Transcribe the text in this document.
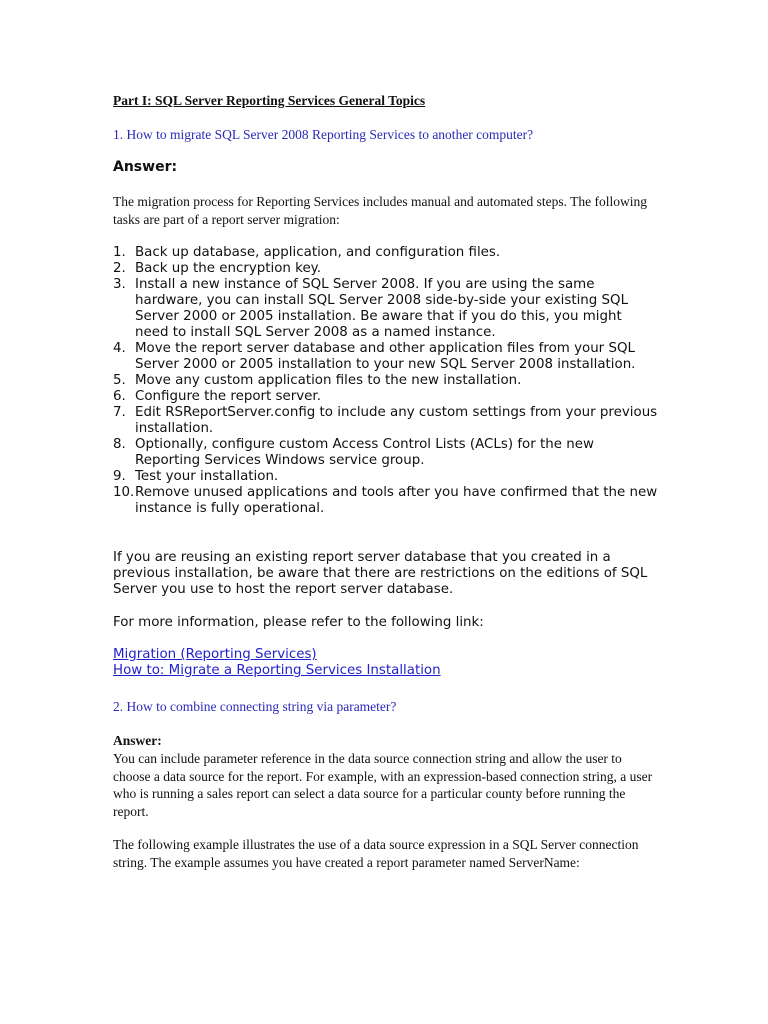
Part I: SQL Server Reporting Services General Topics

1. How to migrate SQL Server 2008 Reporting Services to another computer?

Answer:

The migration process for Reporting Services includes manual and automated steps. The following tasks are part of a report server migration:

1. Back up database, application, and configuration files.
2. Back up the encryption key.
3. Install a new instance of SQL Server 2008. If you are using the same hardware, you can install SQL Server 2008 side-by-side your existing SQL Server 2000 or 2005 installation. Be aware that if you do this, you might need to install SQL Server 2008 as a named instance.
4. Move the report server database and other application files from your SQL Server 2000 or 2005 installation to your new SQL Server 2008 installation.
5. Move any custom application files to the new installation.
6. Configure the report server.
7. Edit RSReportServer.config to include any custom settings from your previous installation.
8. Optionally, configure custom Access Control Lists (ACLs) for the new Reporting Services Windows service group.
9. Test your installation.
10. Remove unused applications and tools after you have confirmed that the new instance is fully operational.

If you are reusing an existing report server database that you created in a previous installation, be aware that there are restrictions on the editions of SQL Server you use to host the report server database.

For more information, please refer to the following link:

Migration (Reporting Services)
How to: Migrate a Reporting Services Installation

2. How to combine connecting string via parameter?

Answer:

You can include parameter reference in the data source connection string and allow the user to choose a data source for the report. For example, with an expression-based connection string, a user who is running a sales report can select a data source for a particular county before running the report.

The following example illustrates the use of a data source expression in a SQL Server connection string. The example assumes you have created a report parameter named ServerName:
